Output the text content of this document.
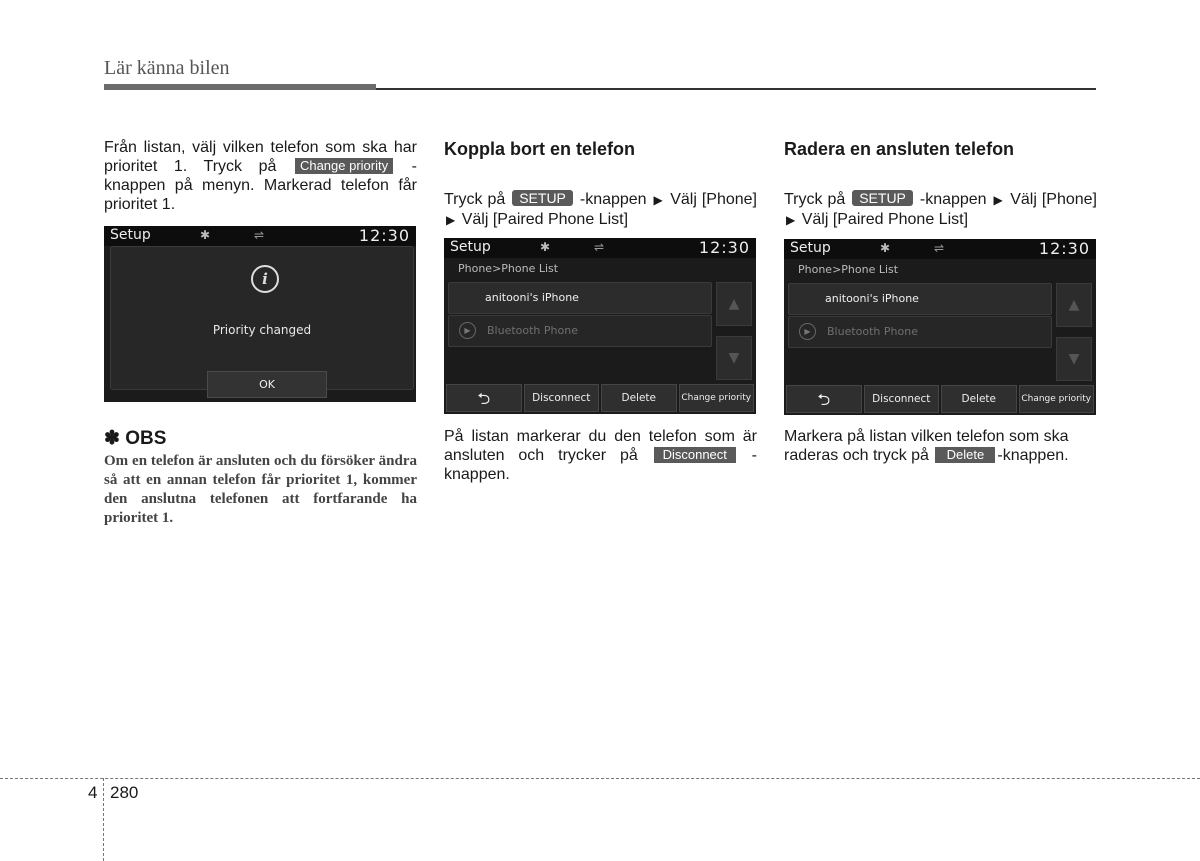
Lär känna bilen
Från listan, välj vilken telefon som ska har prioritet 1. Tryck på Change priority -knappen på menyn. Markerad telefon får prioritet 1.
Setup	✱	⇌	12:30
i
Priority changed
OK
✽ OBS
Om en telefon är ansluten och du försöker ändra så att en annan telefon får prioritet 1, kommer den anslutna telefonen att fortfarande ha prioritet 1.

Koppla bort en telefon

Tryck på SETUP -knappen ▶ Välj [Phone] ▶ Välj [Paired Phone List]
Setup	✱	⇌	12:30
Phone>Phone List
anitooni's iPhone
▶	Bluetooth Phone
▲
▼
⮌	Disconnect	Delete	Change priority
På listan markerar du den telefon som är ansluten och trycker på Disconnect -knappen.

Radera en ansluten telefon

Tryck på SETUP -knappen ▶ Välj [Phone] ▶ Välj [Paired Phone List]
Setup	✱	⇌	12:30
Phone>Phone List
anitooni's iPhone
▶	Bluetooth Phone
▲
▼
⮌	Disconnect	Delete	Change priority
Markera på listan vilken telefon som ska raderas och tryck på Delete -knappen.
4 280
